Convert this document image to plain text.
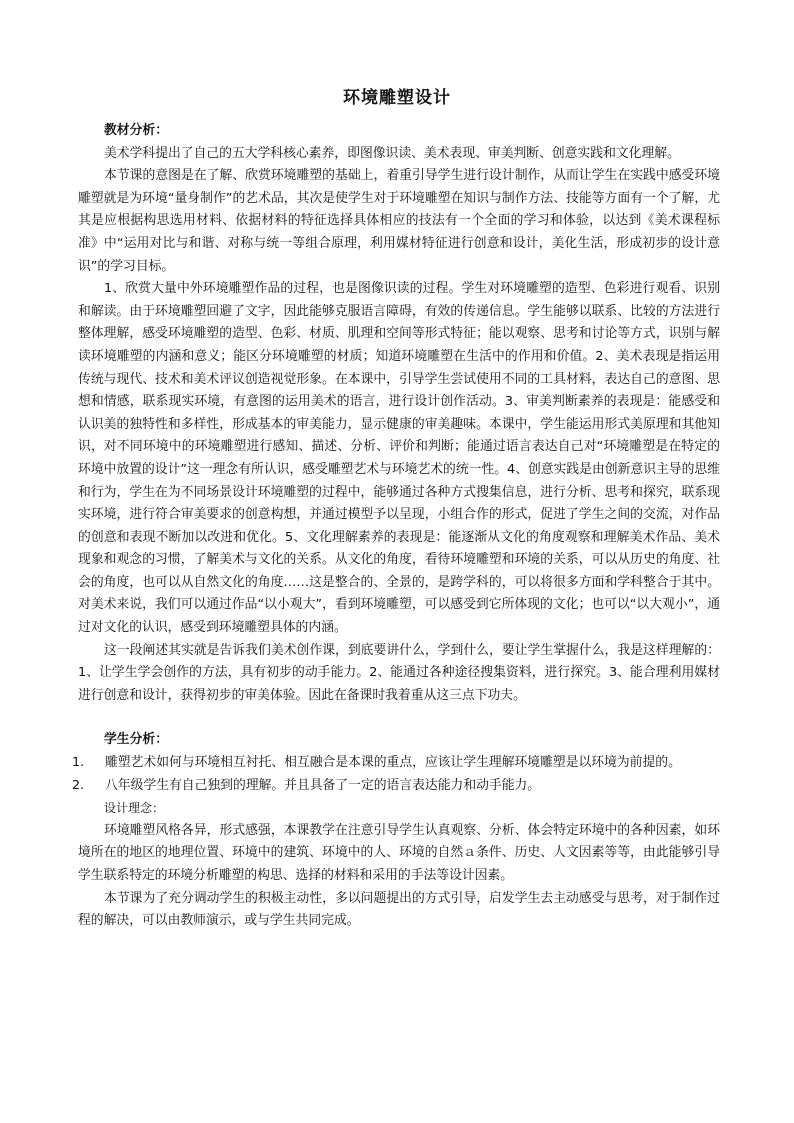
环境雕塑设计

教材分析：

美术学科提出了自己的五大学科核心素养，即图像识读、美术表现、审美判断、创意实践和文化理解。

本节课的意图是在了解、欣赏环境雕塑的基础上，着重引导学生进行设计制作，从而让学生在实践中感受环境雕塑就是为环境“量身制作”的艺术品，其次是使学生对于环境雕塑在知识与制作方法、技能等方面有一个了解，尤其是应根据构思选用材料、依据材料的特征选择具体相应的技法有一个全面的学习和体验，以达到《美术课程标准》中“运用对比与和谐、对称与统一等组合原理，利用媒材特征进行创意和设计，美化生活，形成初步的设计意识”的学习目标。

1、欣赏大量中外环境雕塑作品的过程，也是图像识读的过程。学生对环境雕塑的造型、色彩进行观看、识别和解读。由于环境雕塑回避了文字，因此能够克服语言障碍，有效的传递信息。学生能够以联系、比较的方法进行整体理解，感受环境雕塑的造型、色彩、材质、肌理和空间等形式特征；能以观察、思考和讨论等方式，识别与解读环境雕塑的内涵和意义；能区分环境雕塑的材质；知道环境雕塑在生活中的作用和价值。2、美术表现是指运用传统与现代、技术和美术评议创造视觉形象。在本课中，引导学生尝试使用不同的工具材料，表达自己的意图、思想和情感，联系现实环境，有意图的运用美术的语言，进行设计创作活动。3、审美判断素养的表现是：能感受和认识美的独特性和多样性，形成基本的审美能力，显示健康的审美趣味。本课中，学生能运用形式美原理和其他知识，对不同环境中的环境雕塑进行感知、描述、分析、评价和判断；能通过语言表达自己对“环境雕塑是在特定的环境中放置的设计”这一理念有所认识，感受雕塑艺术与环境艺术的统一性。4、创意实践是由创新意识主导的思维和行为，学生在为不同场景设计环境雕塑的过程中，能够通过各种方式搜集信息，进行分析、思考和探究，联系现实环境，进行符合审美要求的创意构想，并通过模型予以呈现，小组合作的形式，促进了学生之间的交流，对作品的创意和表现不断加以改进和优化。5、文化理解素养的表现是：能逐渐从文化的角度观察和理解美术作品、美术现象和观念的习惯，了解美术与文化的关系。从文化的角度，看待环境雕塑和环境的关系，可以从历史的角度、社会的角度，也可以从自然文化的角度……这是整合的、全景的，是跨学科的，可以将很多方面和学科整合于其中。对美术来说，我们可以通过作品“以小观大”，看到环境雕塑，可以感受到它所体现的文化；也可以“以大观小”，通过对文化的认识，感受到环境雕塑具体的内涵。

这一段阐述其实就是告诉我们美术创作课，到底要讲什么，学到什么，要让学生掌握什么，我是这样理解的：1、让学生学会创作的方法，具有初步的动手能力。2、能通过各种途径搜集资料，进行探究。3、能合理利用媒材进行创意和设计，获得初步的审美体验。因此在备课时我着重从这三点下功夫。

学生分析：

1.	雕塑艺术如何与环境相互衬托、相互融合是本课的重点，应该让学生理解环境雕塑是以环境为前提的。
2.	八年级学生有自己独到的理解。并且具备了一定的语言表达能力和动手能力。

设计理念：

环境雕塑风格各异，形式感强，本课教学在注意引导学生认真观察、分析、体会特定环境中的各种因素，如环境所在的地区的地理位置、环境中的建筑、环境中的人、环境的自然ａ条件、历史、人文因素等等，由此能够引导学生联系特定的环境分析雕塑的构思、选择的材料和采用的手法等设计因素。

本节课为了充分调动学生的积极主动性，多以问题提出的方式引导，启发学生去主动感受与思考，对于制作过程的解决，可以由教师演示，或与学生共同完成。
